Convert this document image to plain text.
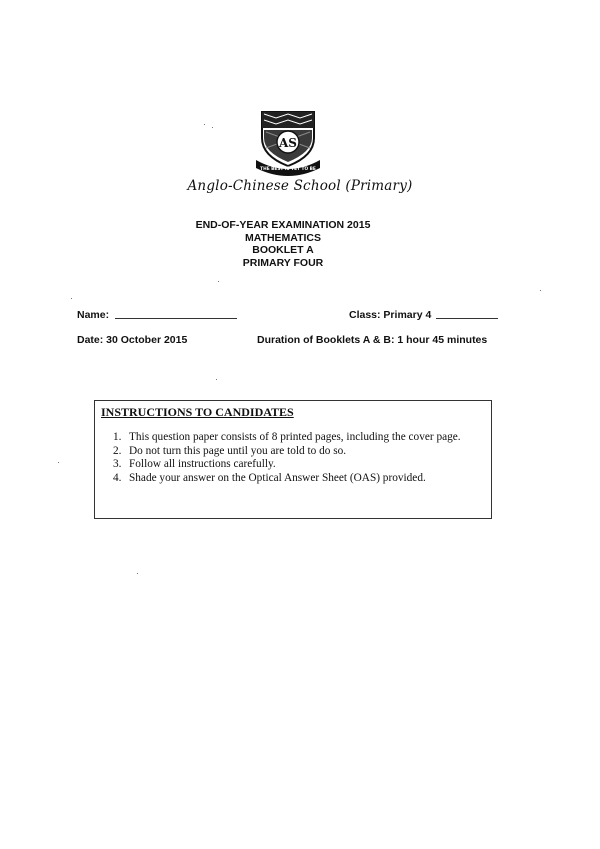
AS
THE BEST IS YET TO BE
Anglo-Chinese School (Primary)
END-OF-YEAR EXAMINATION 2015
MATHEMATICS
BOOKLET A
PRIMARY FOUR
Name:	Class: Primary 4
Date: 30 October 2015	Duration of Booklets A & B: 1 hour 45 minutes
INSTRUCTIONS TO CANDIDATES
1. This question paper consists of 8 printed pages, including the cover page.
2. Do not turn this page until you are told to do so.
3. Follow all instructions carefully.
4. Shade your answer on the Optical Answer Sheet (OAS) provided.
